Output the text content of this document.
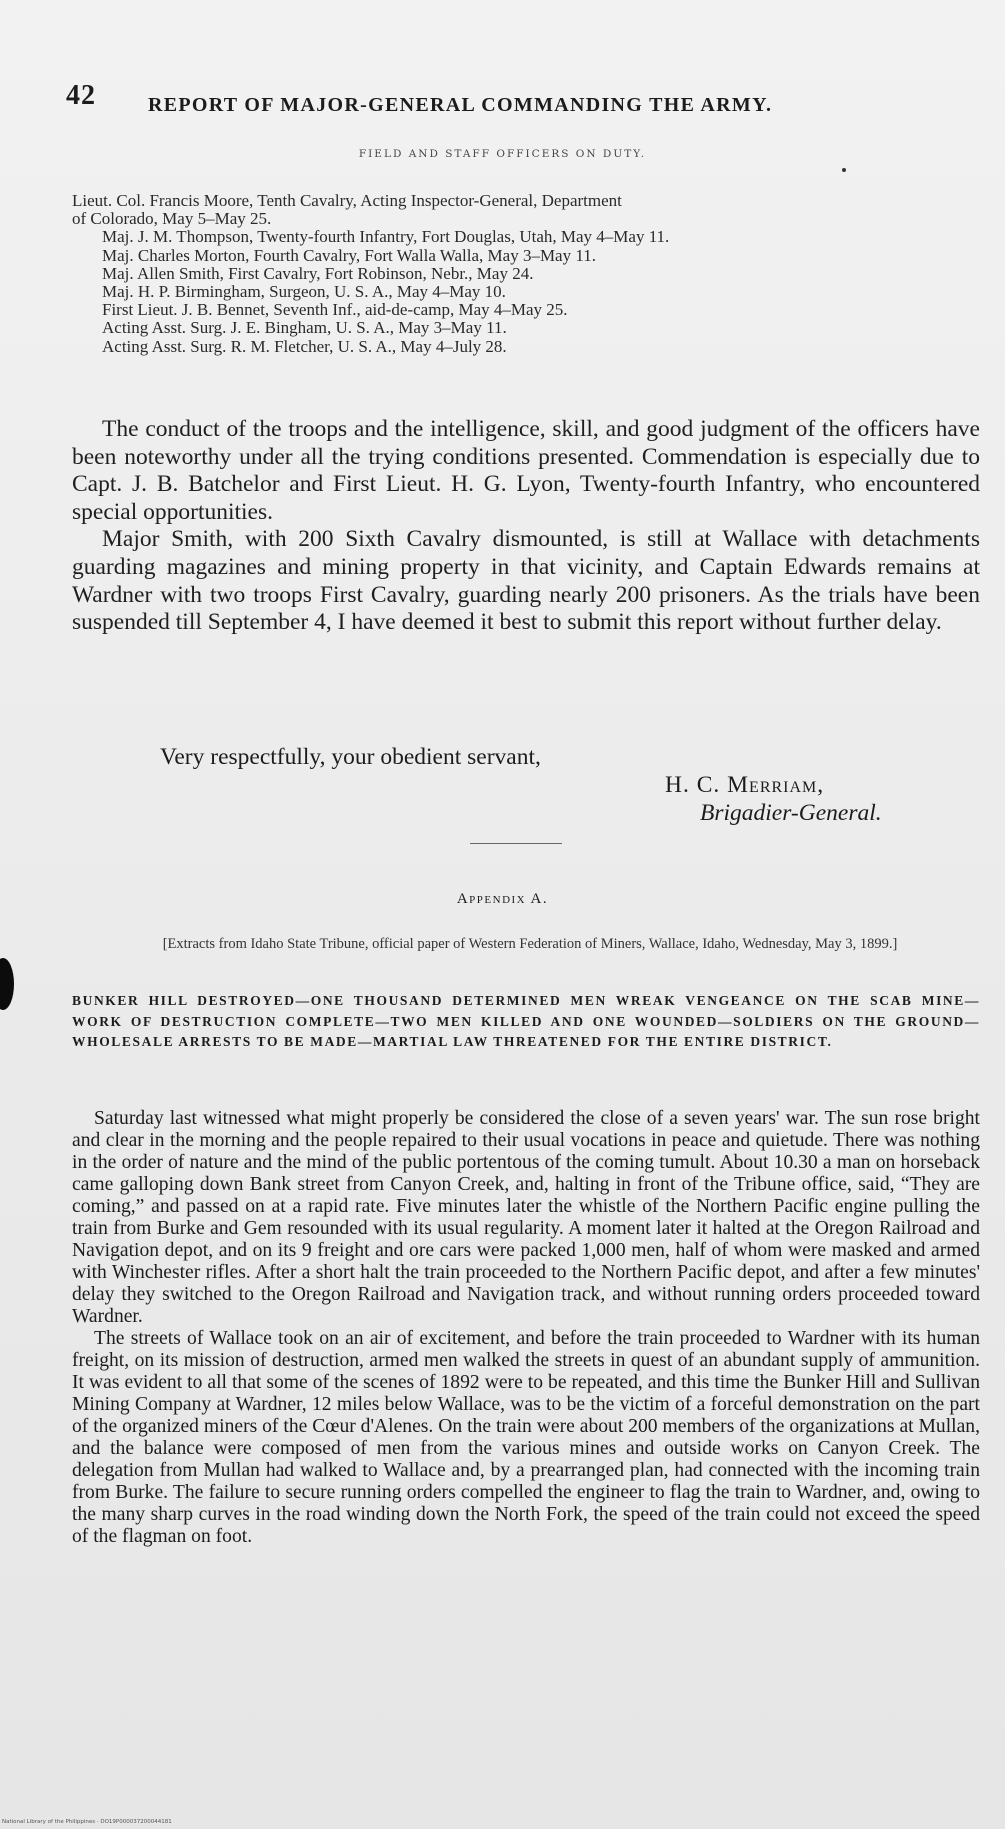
42	REPORT OF MAJOR-GENERAL COMMANDING THE ARMY.
FIELD AND STAFF OFFICERS ON DUTY.
Lieut. Col. Francis Moore, Tenth Cavalry, Acting Inspector-General, Department
of Colorado, May 5–May 25.
Maj. J. M. Thompson, Twenty-fourth Infantry, Fort Douglas, Utah, May 4–May 11.
Maj. Charles Morton, Fourth Cavalry, Fort Walla Walla, May 3–May 11.
Maj. Allen Smith, First Cavalry, Fort Robinson, Nebr., May 24.
Maj. H. P. Birmingham, Surgeon, U. S. A., May 4–May 10.
First Lieut. J. B. Bennet, Seventh Inf., aid-de-camp, May 4–May 25.
Acting Asst. Surg. J. E. Bingham, U. S. A., May 3–May 11.
Acting Asst. Surg. R. M. Fletcher, U. S. A., May 4–July 28.

The conduct of the troops and the intelligence, skill, and good judgment of the officers have been noteworthy under all the trying conditions presented. Commendation is especially due to Capt. J. B. Batchelor and First Lieut. H. G. Lyon, Twenty-fourth Infantry, who encountered special opportunities.

Major Smith, with 200 Sixth Cavalry dismounted, is still at Wallace with detachments guarding magazines and mining property in that vicinity, and Captain Edwards remains at Wardner with two troops First Cavalry, guarding nearly 200 prisoners. As the trials have been suspended till September 4, I have deemed it best to submit this report without further delay.

Very respectfully, your obedient servant,
H. C. Merriam,
Brigadier-General.
Appendix A.
[Extracts from Idaho State Tribune, official paper of Western Federation of Miners, Wallace, Idaho, Wednesday, May 3, 1899.]
BUNKER HILL DESTROYED—ONE THOUSAND DETERMINED MEN WREAK VENGEANCE ON THE SCAB MINE—WORK OF DESTRUCTION COMPLETE—TWO MEN KILLED AND ONE WOUNDED—SOLDIERS ON THE GROUND—WHOLESALE ARRESTS TO BE MADE—MARTIAL LAW THREATENED FOR THE ENTIRE DISTRICT.

Saturday last witnessed what might properly be considered the close of a seven years' war. The sun rose bright and clear in the morning and the people repaired to their usual vocations in peace and quietude. There was nothing in the order of nature and the mind of the public portentous of the coming tumult. About 10.30 a man on horseback came galloping down Bank street from Canyon Creek, and, halting in front of the Tribune office, said, “They are coming,” and passed on at a rapid rate. Five minutes later the whistle of the Northern Pacific engine pulling the train from Burke and Gem resounded with its usual regularity. A moment later it halted at the Oregon Railroad and Navigation depot, and on its 9 freight and ore cars were packed 1,000 men, half of whom were masked and armed with Winchester rifles. After a short halt the train proceeded to the Northern Pacific depot, and after a few minutes' delay they switched to the Oregon Railroad and Navigation track, and without running orders proceeded toward Wardner.

The streets of Wallace took on an air of excitement, and before the train proceeded to Wardner with its human freight, on its mission of destruction, armed men walked the streets in quest of an abundant supply of ammunition. It was evident to all that some of the scenes of 1892 were to be repeated, and this time the Bunker Hill and Sullivan Mining Company at Wardner, 12 miles below Wallace, was to be the victim of a forceful demonstration on the part of the organized miners of the Cœur d'Alenes. On the train were about 200 members of the organizations at Mullan, and the balance were composed of men from the various mines and outside works on Canyon Creek. The delegation from Mullan had walked to Wallace and, by a prearranged plan, had connected with the incoming train from Burke. The failure to secure running orders compelled the engineer to flag the train to Wardner, and, owing to the many sharp curves in the road winding down the North Fork, the speed of the train could not exceed the speed of the flagman on foot.

National Library of the Philippines · DO19P000037200044181
